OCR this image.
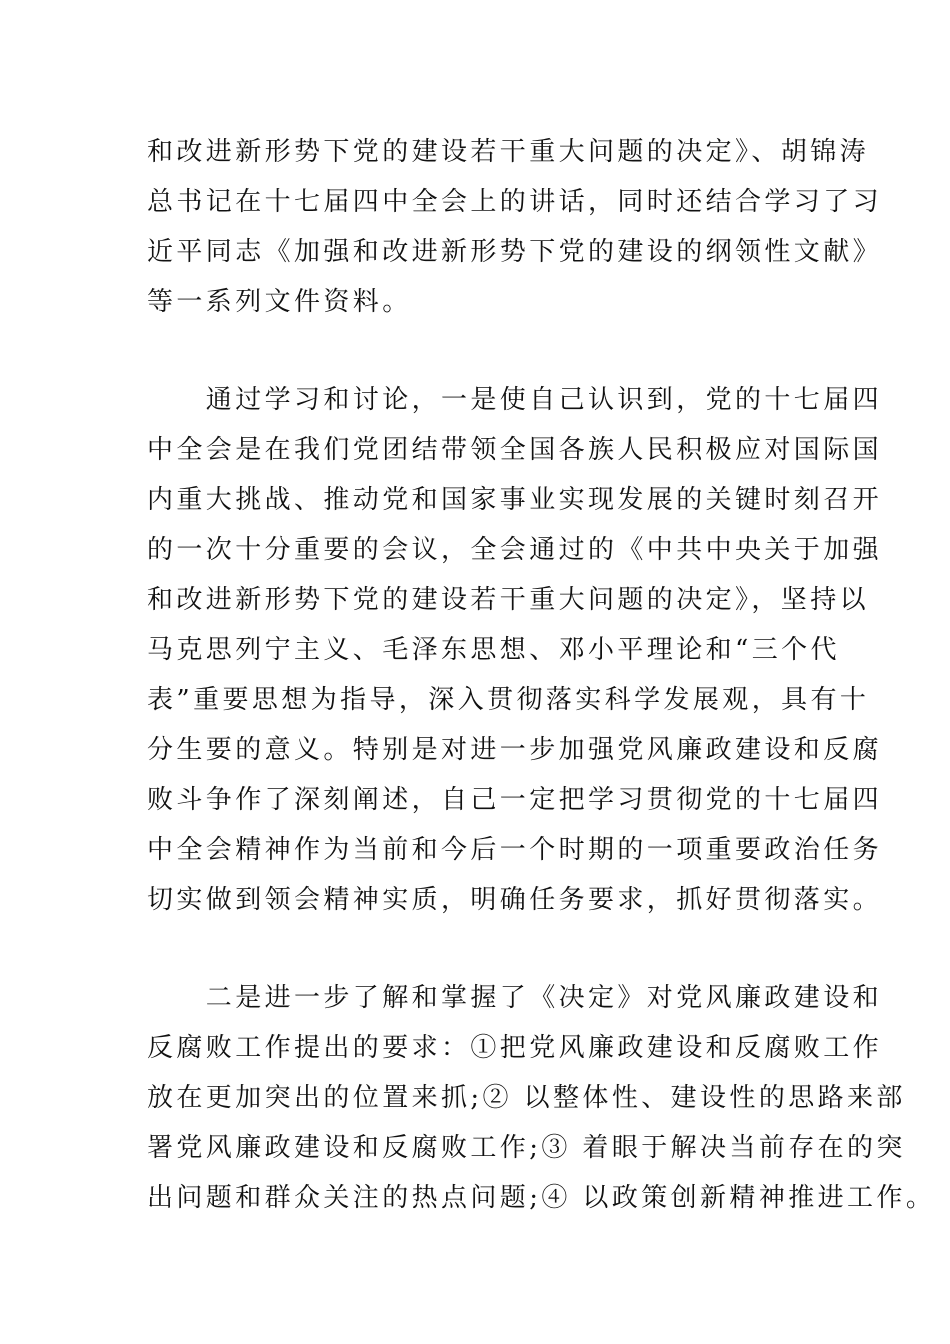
和改进新形势下党的建设若干重大问题的决定》、胡锦涛
总书记在十七届四中全会上的讲话，同时还结合学习了习
近平同志《加强和改进新形势下党的建设的纲领性文献》
等一系列文件资料。
　　通过学习和讨论，一是使自己认识到，党的十七届四
中全会是在我们党团结带领全国各族人民积极应对国际国
内重大挑战、推动党和国家事业实现发展的关键时刻召开
的一次十分重要的会议，全会通过的《中共中央关于加强
和改进新形势下党的建设若干重大问题的决定》，坚持以
马克思列宁主义、毛泽东思想、邓小平理论和“三个代
表”重要思想为指导，深入贯彻落实科学发展观，具有十
分生要的意义。特别是对进一步加强党风廉政建设和反腐
败斗争作了深刻阐述，自己一定把学习贯彻党的十七届四
中全会精神作为当前和今后一个时期的一项重要政治任务
切实做到领会精神实质，明确任务要求，抓好贯彻落实。
　　二是进一步了解和掌握了《决定》对党风廉政建设和
反腐败工作提出的要求：①把党风廉政建设和反腐败工作
放在更加突出的位置来抓;② 以整体性、建设性的思路来部
署党风廉政建设和反腐败工作;③ 着眼于解决当前存在的突
出问题和群众关注的热点问题;④ 以政策创新精神推进工作。
